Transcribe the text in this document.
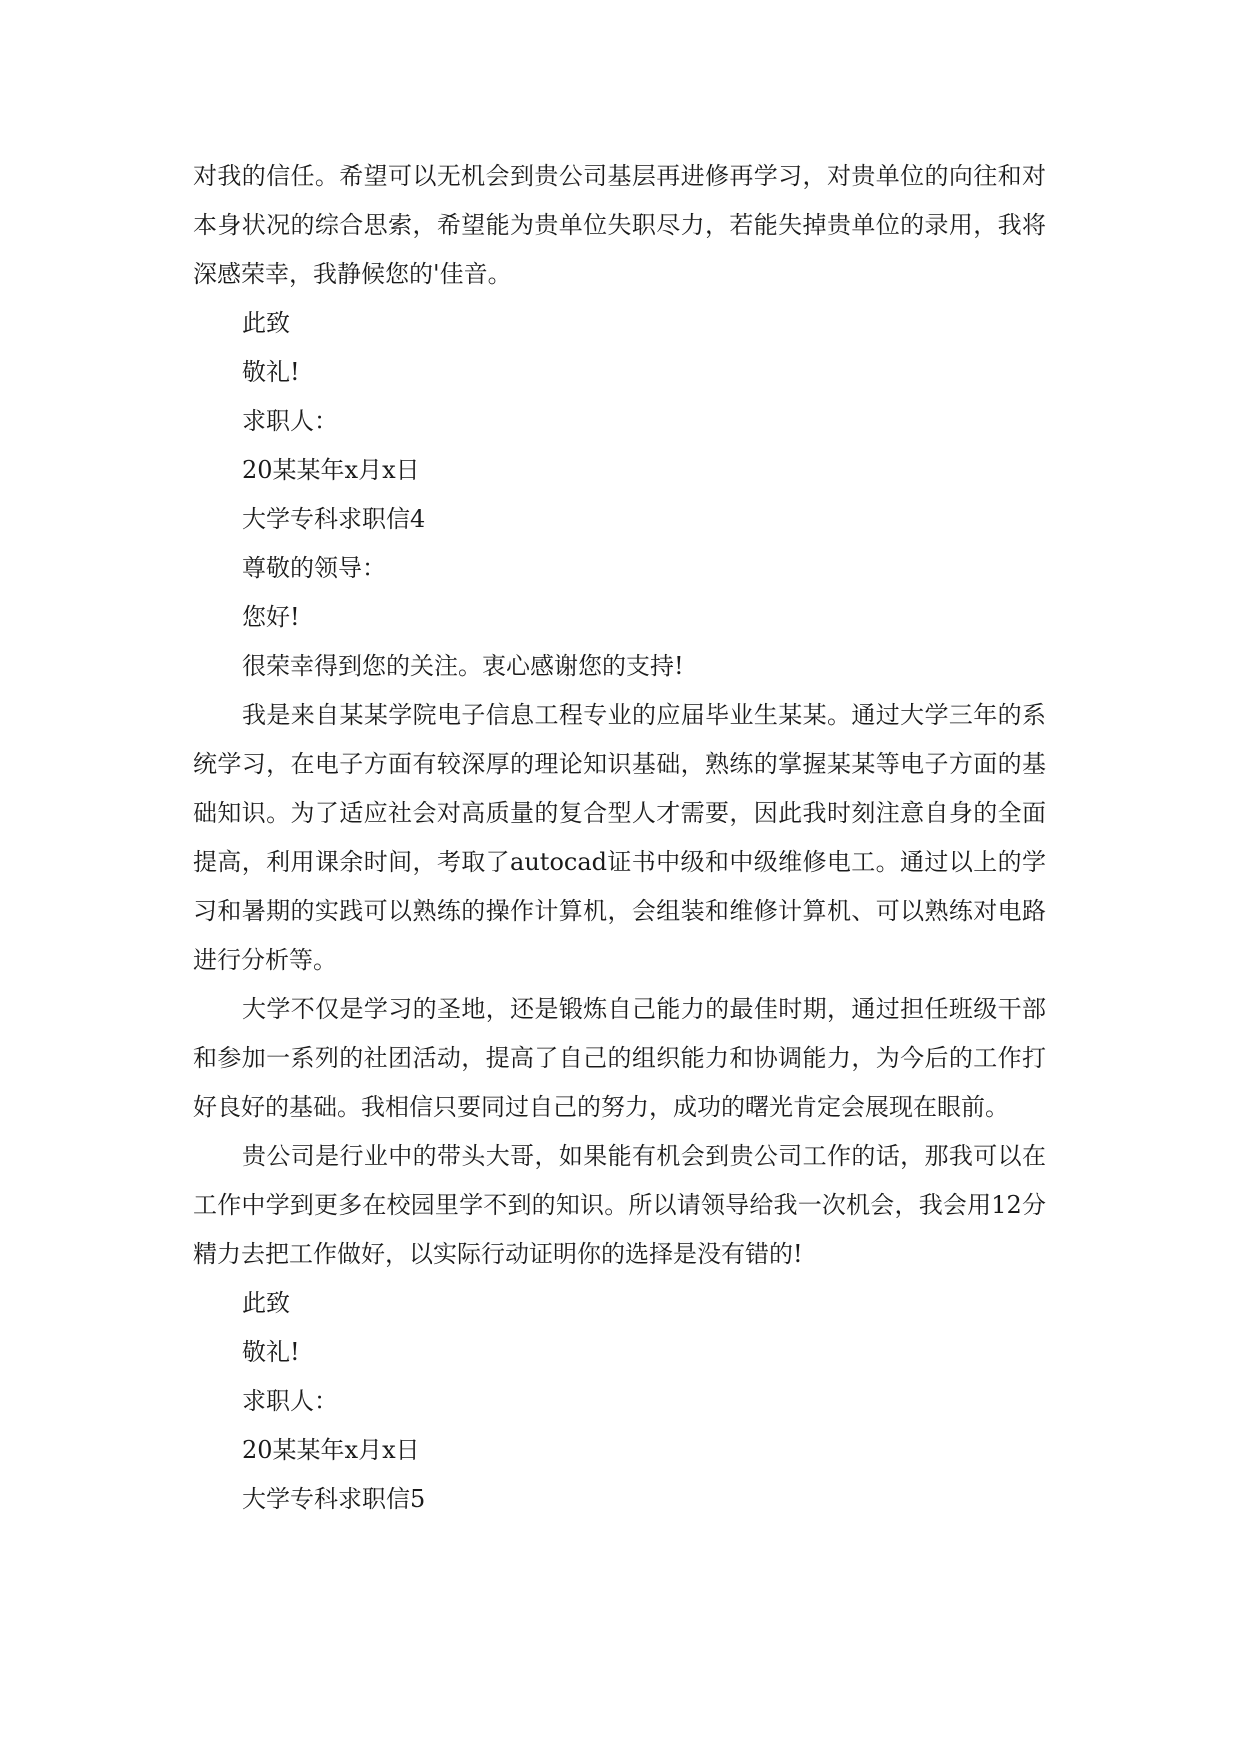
对我的信任。希望可以无机会到贵公司基层再进修再学习，对贵单位的向往和对本身状况的综合思索，希望能为贵单位失职尽力，若能失掉贵单位的录用，我将深感荣幸，我静候您的'佳音。

此致

敬礼!

求职人：

20某某年x月x日

大学专科求职信4

尊敬的领导：

您好!

很荣幸得到您的关注。衷心感谢您的支持!

我是来自某某学院电子信息工程专业的应届毕业生某某。通过大学三年的系统学习，在电子方面有较深厚的理论知识基础，熟练的掌握某某等电子方面的基础知识。为了适应社会对高质量的复合型人才需要，因此我时刻注意自身的全面提高，利用课余时间，考取了autocad证书中级和中级维修电工。通过以上的学习和暑期的实践可以熟练的操作计算机，会组装和维修计算机、可以熟练对电路进行分析等。

大学不仅是学习的圣地，还是锻炼自己能力的最佳时期，通过担任班级干部和参加一系列的社团活动，提高了自己的组织能力和协调能力，为今后的工作打好良好的基础。我相信只要同过自己的努力，成功的曙光肯定会展现在眼前。

贵公司是行业中的带头大哥，如果能有机会到贵公司工作的话，那我可以在工作中学到更多在校园里学不到的知识。所以请领导给我一次机会，我会用12分精力去把工作做好，以实际行动证明你的选择是没有错的!

此致

敬礼!

求职人：

20某某年x月x日

大学专科求职信5
